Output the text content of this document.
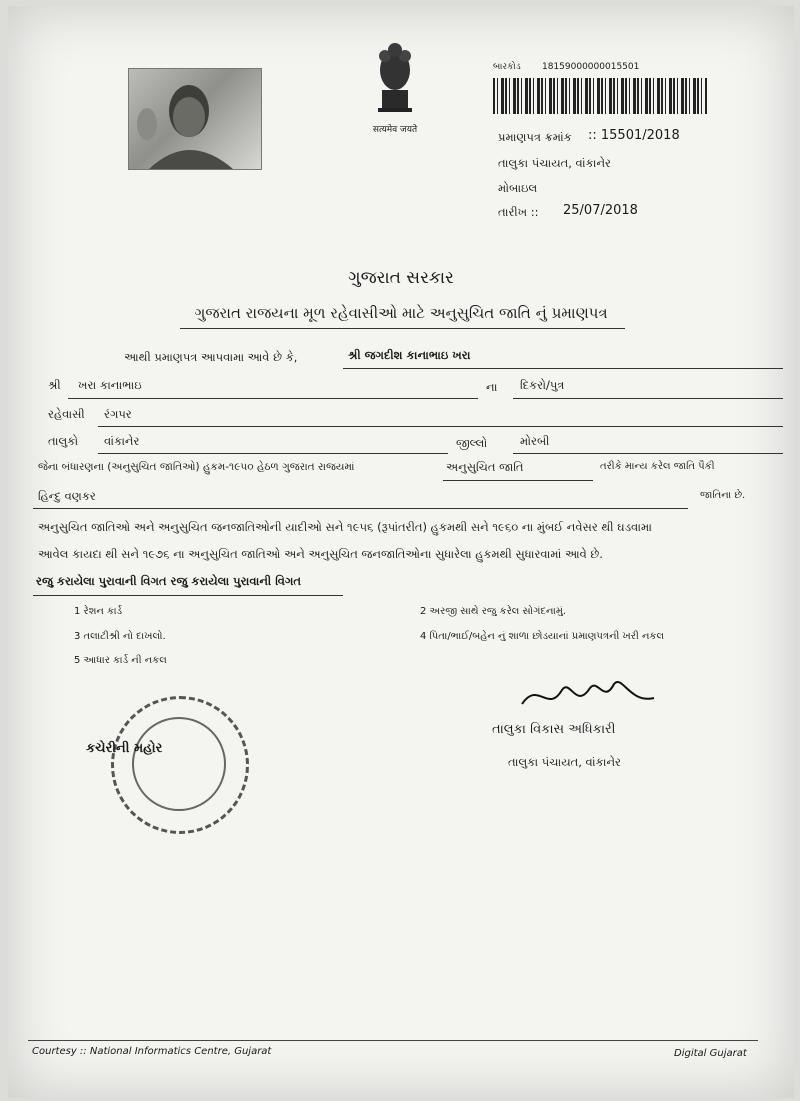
सत्यमेव जयते
બારકોડ 18159000000015501
પ્રમાણપત્ર ક્રમાંક :: 15501/2018
તાલુકા પંચાયત, વાંકાનેર
મોબાઇલ
તારીખ :: 25/07/2018
ગુજરાત સરકાર
ગુજરાત રાજયના મૂળ રહેવાસીઓ માટે અનુસુચિત જાતિ નું પ્રમાણપત્ર
આથી પ્રમાણપત્ર આપવામા આવે છે કે,	શ્રી જગદીશ કાનાભાઇ ખરા
શ્રી ખરા કાનાભાઇ	ના દિકરો/પુત્ર
રહેવાસી રંગપર
તાલુકો વાંકાનેર	જીલ્લો	મોરબી
જેના બંધારણના (અનુસુચિત જાતિઓ) હુકમ-૧૯૫૦ હેઠળ ગુજરાત રાજયમાં	અનુસુચિત જાતિ	તરીકે માન્ય કરેલ જાતિ પૈકી
હિન્દુ વણકર	જાતિના છે.
અનુસુચિત જાતિઓ અને અનુસુચિત જનજાતિઓની યાદીઓ સને ૧૯૫૬ (રૂપાંતરીત) હુકમથી સને ૧૯૬૦ ના મુંબઈ નવેસર થી ઘડવામા
આવેલ કાયદા થી સને ૧૯૭૬ ના અનુસુચિત જાતિઓ અને અનુસુચિત જનજાતિઓના સુધારેલા હુકમથી સુધારવામાં આવે છે.
રજુ કરાયેલા પુરાવાની વિગત રજુ કરાયેલા પુરાવાની વિગત
1 રેશન કાર્ડ	2 અરજી સાથે રજુ કરેલ સોગંદનામું.
3 તલાટીશ્રી નો દાખલો.	4 પિતા/ભાઈ/બહેન નું શાળા છોડયાનાં પ્રમાણપત્રની ખરી નકલ
5 આધાર કાર્ડ ની નકલ
કચેરીની મહોર
તાલુકા વિકાસ અધિકારી
તાલુકા પંચાયત, વાંકાનેર
Courtesy :: National Informatics Centre, Gujarat	Digital Gujarat
